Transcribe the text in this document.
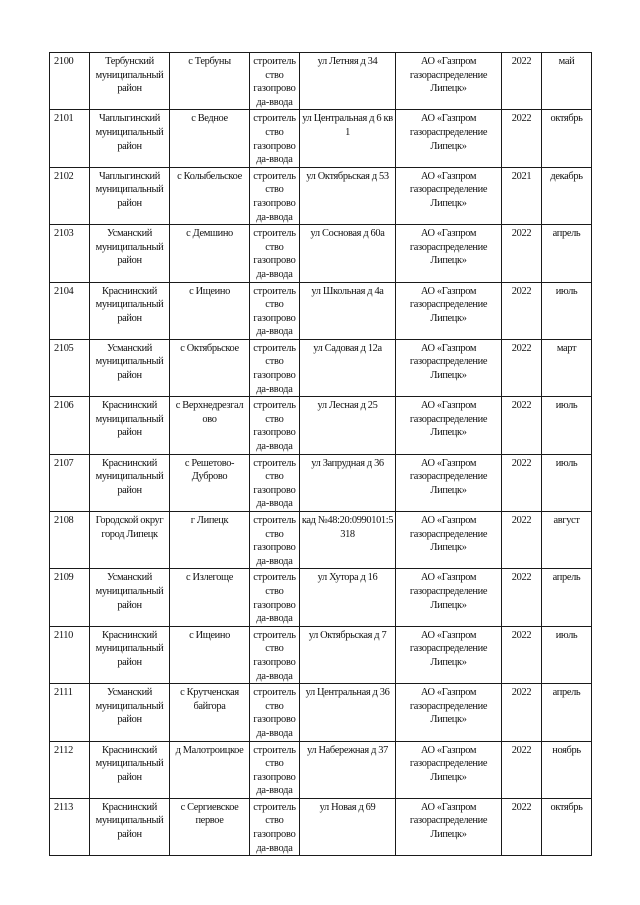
2100	Тербунский муниципальный район	с Тербуны	строитель ство газопрово да-ввода	ул Летняя д 34	АО «Газпром газораспределение Липецк»	2022	май
2101	Чаплыгинский муниципальный район	с Ведное	строитель ство газопрово да-ввода	ул Центральная д 6 кв 1	АО «Газпром газораспределение Липецк»	2022	октябрь
2102	Чаплыгинский муниципальный район	с Колыбельское	строитель ство газопрово да-ввода	ул Октябрьская д 53	АО «Газпром газораспределение Липецк»	2021	декабрь
2103	Усманский муниципальный район	с Демшино	строитель ство газопрово да-ввода	ул Сосновая д 60а	АО «Газпром газораспределение Липецк»	2022	апрель
2104	Краснинский муниципальный район	с Ищеино	строитель ство газопрово да-ввода	ул Школьная д 4а	АО «Газпром газораспределение Липецк»	2022	июль
2105	Усманский муниципальный район	с Октябрьское	строитель ство газопрово да-ввода	ул Садовая д 12а	АО «Газпром газораспределение Липецк»	2022	март
2106	Краснинский муниципальный район	с Верхнедрезгал ово	строитель ство газопрово да-ввода	ул Лесная д 25	АО «Газпром газораспределение Липецк»	2022	июль
2107	Краснинский муниципальный район	с Решетово-Дуброво	строитель ство газопрово да-ввода	ул Запрудная д 36	АО «Газпром газораспределение Липецк»	2022	июль
2108	Городской округ город Липецк	г Липецк	строитель ство газопрово да-ввода	кад №48:20:0990101:5 318	АО «Газпром газораспределение Липецк»	2022	август
2109	Усманский муниципальный район	с Излегоще	строитель ство газопрово да-ввода	ул Хутора д 16	АО «Газпром газораспределение Липецк»	2022	апрель
2110	Краснинский муниципальный район	с Ищеино	строитель ство газопрово да-ввода	ул Октябрьская д 7	АО «Газпром газораспределение Липецк»	2022	июль
2111	Усманский муниципальный район	с Крутченская байгора	строитель ство газопрово да-ввода	ул Центральная д 36	АО «Газпром газораспределение Липецк»	2022	апрель
2112	Краснинский муниципальный район	д Малотроицкое	строитель ство газопрово да-ввода	ул Набережная д 37	АО «Газпром газораспределение Липецк»	2022	ноябрь
2113	Краснинский муниципальный район	с Сергиевское первое	строитель ство газопрово да-ввода	ул Новая д 69	АО «Газпром газораспределение Липецк»	2022	октябрь
